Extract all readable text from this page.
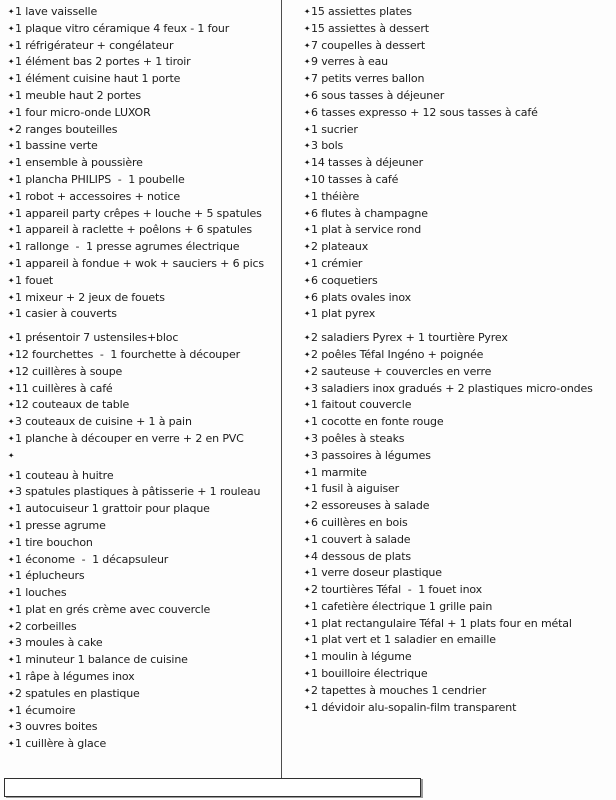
✦1 lave vaisselle
✦1 plaque vitro céramique 4 feux - 1 four
✦1 réfrigérateur + congélateur
✦1 élément bas 2 portes + 1 tiroir
✦1 élément cuisine haut 1 porte
✦1 meuble haut 2 portes
✦1 four micro-onde LUXOR
✦2 ranges bouteilles
✦1 bassine verte
✦1 ensemble à poussière
✦1 plancha PHILIPS  -  1 poubelle
✦1 robot + accessoires + notice
✦1 appareil party crêpes + louche + 5 spatules
✦1 appareil à raclette + poêlons + 6 spatules
✦1 rallonge  -  1 presse agrumes électrique
✦1 appareil à fondue + wok + sauciers + 6 pics
✦1 fouet
✦1 mixeur + 2 jeux de fouets
✦1 casier à couverts
✦1 présentoir 7 ustensiles+bloc
✦12 fourchettes  -  1 fourchette à découper
✦12 cuillères à soupe
✦11 cuillères à café
✦12 couteaux de table
✦3 couteaux de cuisine + 1 à pain
✦1 planche à découper en verre + 2 en PVC
✦
✦1 couteau à huitre
✦3 spatules plastiques à pâtisserie + 1 rouleau
✦1 autocuiseur 1 grattoir pour plaque
✦1 presse agrume
✦1 tire bouchon
✦1 économe  -  1 décapsuleur
✦1 éplucheurs
✦1 louches
✦1 plat en grés crème avec couvercle
✦2 corbeilles
✦3 moules à cake
✦1 minuteur 1 balance de cuisine
✦1 râpe à légumes inox
✦2 spatules en plastique
✦1 écumoire
✦3 ouvres boites
✦1 cuillère à glace
✦15 assiettes plates
✦15 assiettes à dessert
✦7 coupelles à dessert
✦9 verres à eau
✦7 petits verres ballon
✦6 sous tasses à déjeuner
✦6 tasses expresso + 12 sous tasses à café
✦1 sucrier
✦3 bols
✦14 tasses à déjeuner
✦10 tasses à café
✦1 théière
✦6 flutes à champagne
✦1 plat à service rond
✦2 plateaux
✦1 crémier
✦6 coquetiers
✦6 plats ovales inox
✦1 plat pyrex
✦2 saladiers Pyrex + 1 tourtière Pyrex
✦2 poêles Téfal Ingéno + poignée
✦2 sauteuse + couvercles en verre
✦3 saladiers inox gradués + 2 plastiques micro-ondes
✦1 faitout couvercle
✦1 cocotte en fonte rouge
✦3 poêles à steaks
✦3 passoires à légumes
✦1 marmite
✦1 fusil à aiguiser
✦2 essoreuses à salade
✦6 cuillères en bois
✦1 couvert à salade
✦4 dessous de plats
✦1 verre doseur plastique
✦2 tourtières Téfal  -  1 fouet inox
✦1 cafetière électrique 1 grille pain
✦1 plat rectangulaire Téfal + 1 plats four en métal
✦1 plat vert et 1 saladier en emaille
✦1 moulin à légume
✦1 bouilloire électrique
✦2 tapettes à mouches 1 cendrier
✦1 dévidoir alu-sopalin-film transparent
